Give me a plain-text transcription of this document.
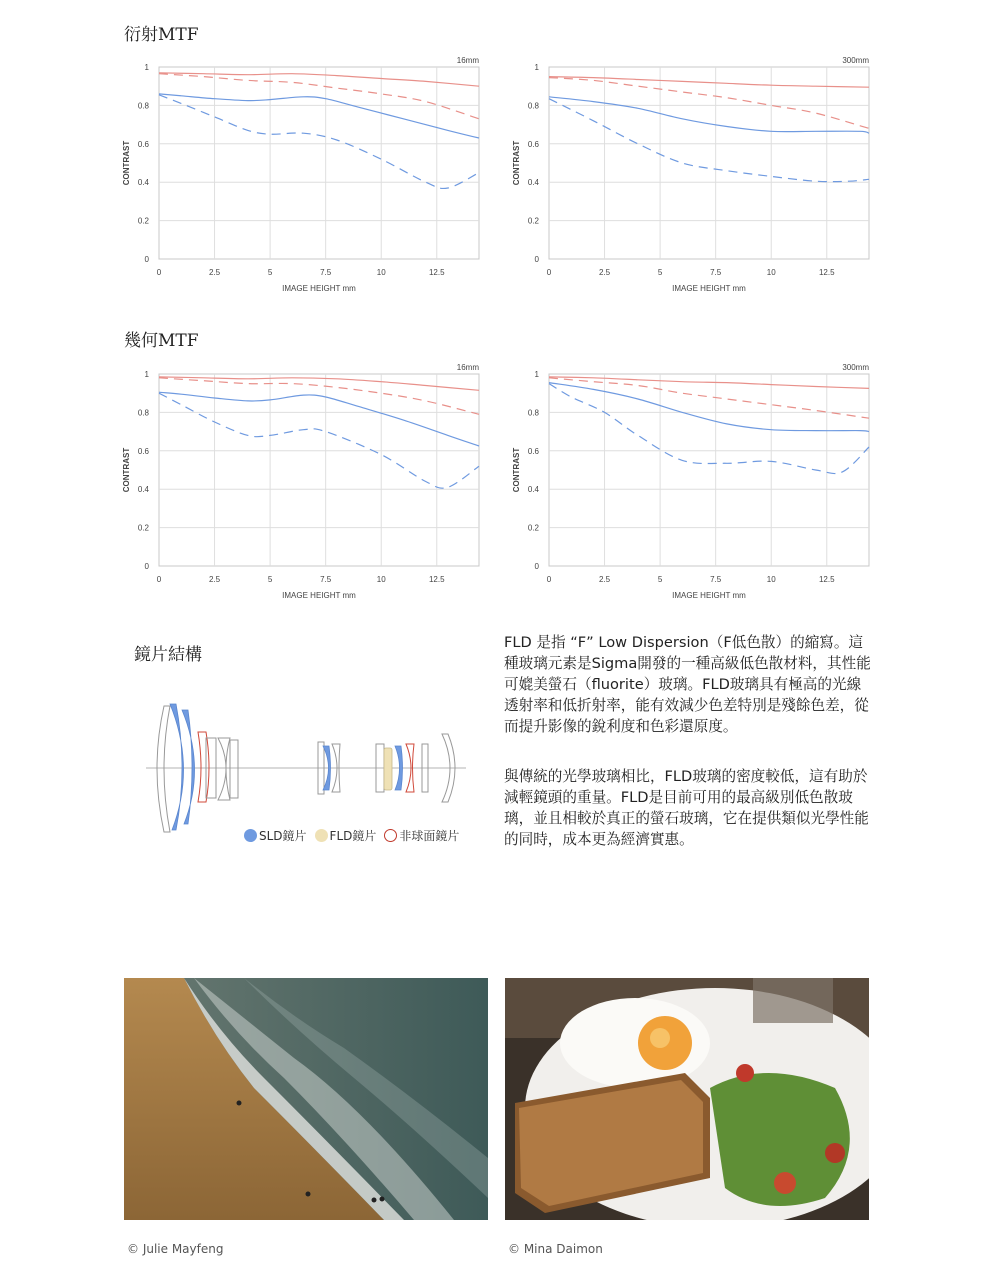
衍射MTF
幾何MTF
0	2.5	5	7.5	10	12.5
0
0.2
0.4
0.6
0.8
1
16mm
IMAGE HEIGHT mm
CONTRAST
0	2.5	5	7.5	10	12.5
0
0.2
0.4
0.6
0.8
1
300mm
IMAGE HEIGHT mm
CONTRAST
0	2.5	5	7.5	10	12.5
0
0.2
0.4
0.6
0.8
1
16mm
IMAGE HEIGHT mm
CONTRAST
0	2.5	5	7.5	10	12.5
0
0.2
0.4
0.6
0.8
1
300mm
IMAGE HEIGHT mm
CONTRAST
鏡片結構
SLD鏡片 FLD鏡片 非球面鏡片
FLD 是指 “F” Low Dispersion（F低色散）的縮寫。這種玻璃元素是Sigma開發的一種高級低色散材料，其性能可媲美螢石（fluorite）玻璃。FLD玻璃具有極高的光線透射率和低折射率，能有效減少色差特別是殘餘色差，從而提升影像的銳利度和色彩還原度。
與傳統的光學玻璃相比，FLD玻璃的密度較低，這有助於減輕鏡頭的重量。FLD是目前可用的最高級別低色散玻璃，並且相較於真正的螢石玻璃，它在提供類似光學性能的同時，成本更為經濟實惠。
© Julie Mayfeng	© Mina Daimon
